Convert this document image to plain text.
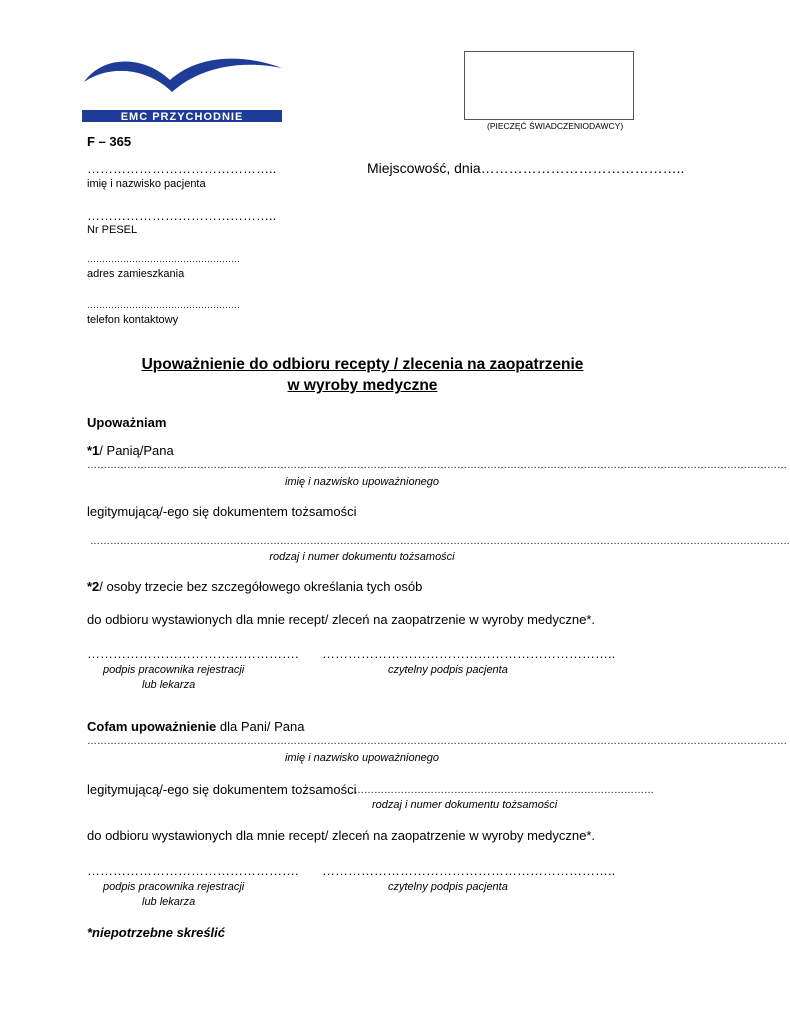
EMC PRZYCHODNIE
(PIECZĘĆ ŚWIADCZENIODAWCY)
F – 365
……………………………………..
imię i nazwisko pacjenta
Miejscowość, dnia……………………………………..
……………………………………..
Nr PESEL
……………………………………………
adres zamieszkania
……………………………………………
telefon kontaktowy
Upoważnienie do odbioru recepty / zlecenia na zaopatrzenie
w wyroby medyczne
Upoważniam
*1/ Panią/Pana
…………………………………………………………………………………………………………………………………………………………………………………………
imię i nazwisko upoważnionego
legitymującą/-ego się dokumentem tożsamości
…………………………………………………………………………………………………………………………………………………………………………………………
rodzaj i numer dokumentu tożsamości
*2/ osoby trzecie bez szczegółowego określania tych osób
do odbioru wystawionych dla mnie recept/ zleceń na zaopatrzenie w wyroby medyczne*.
…………………………………………. …………………………………………………………..
podpis pracownika rejestracji
lub lekarza
czytelny podpis pacjenta
Cofam upoważnienie dla Pani/ Pana
…………………………………………………………………………………………………………………………………………………………………………………………
imię i nazwisko upoważnionego
legitymującą/-ego się dokumentem tożsamości
…………………………………………………………………………………
rodzaj i numer dokumentu tożsamości
do odbioru wystawionych dla mnie recept/ zleceń na zaopatrzenie w wyroby medyczne*.
…………………………………………. …………………………………………………………..
podpis pracownika rejestracji
lub lekarza
czytelny podpis pacjenta
*niepotrzebne skreślić
